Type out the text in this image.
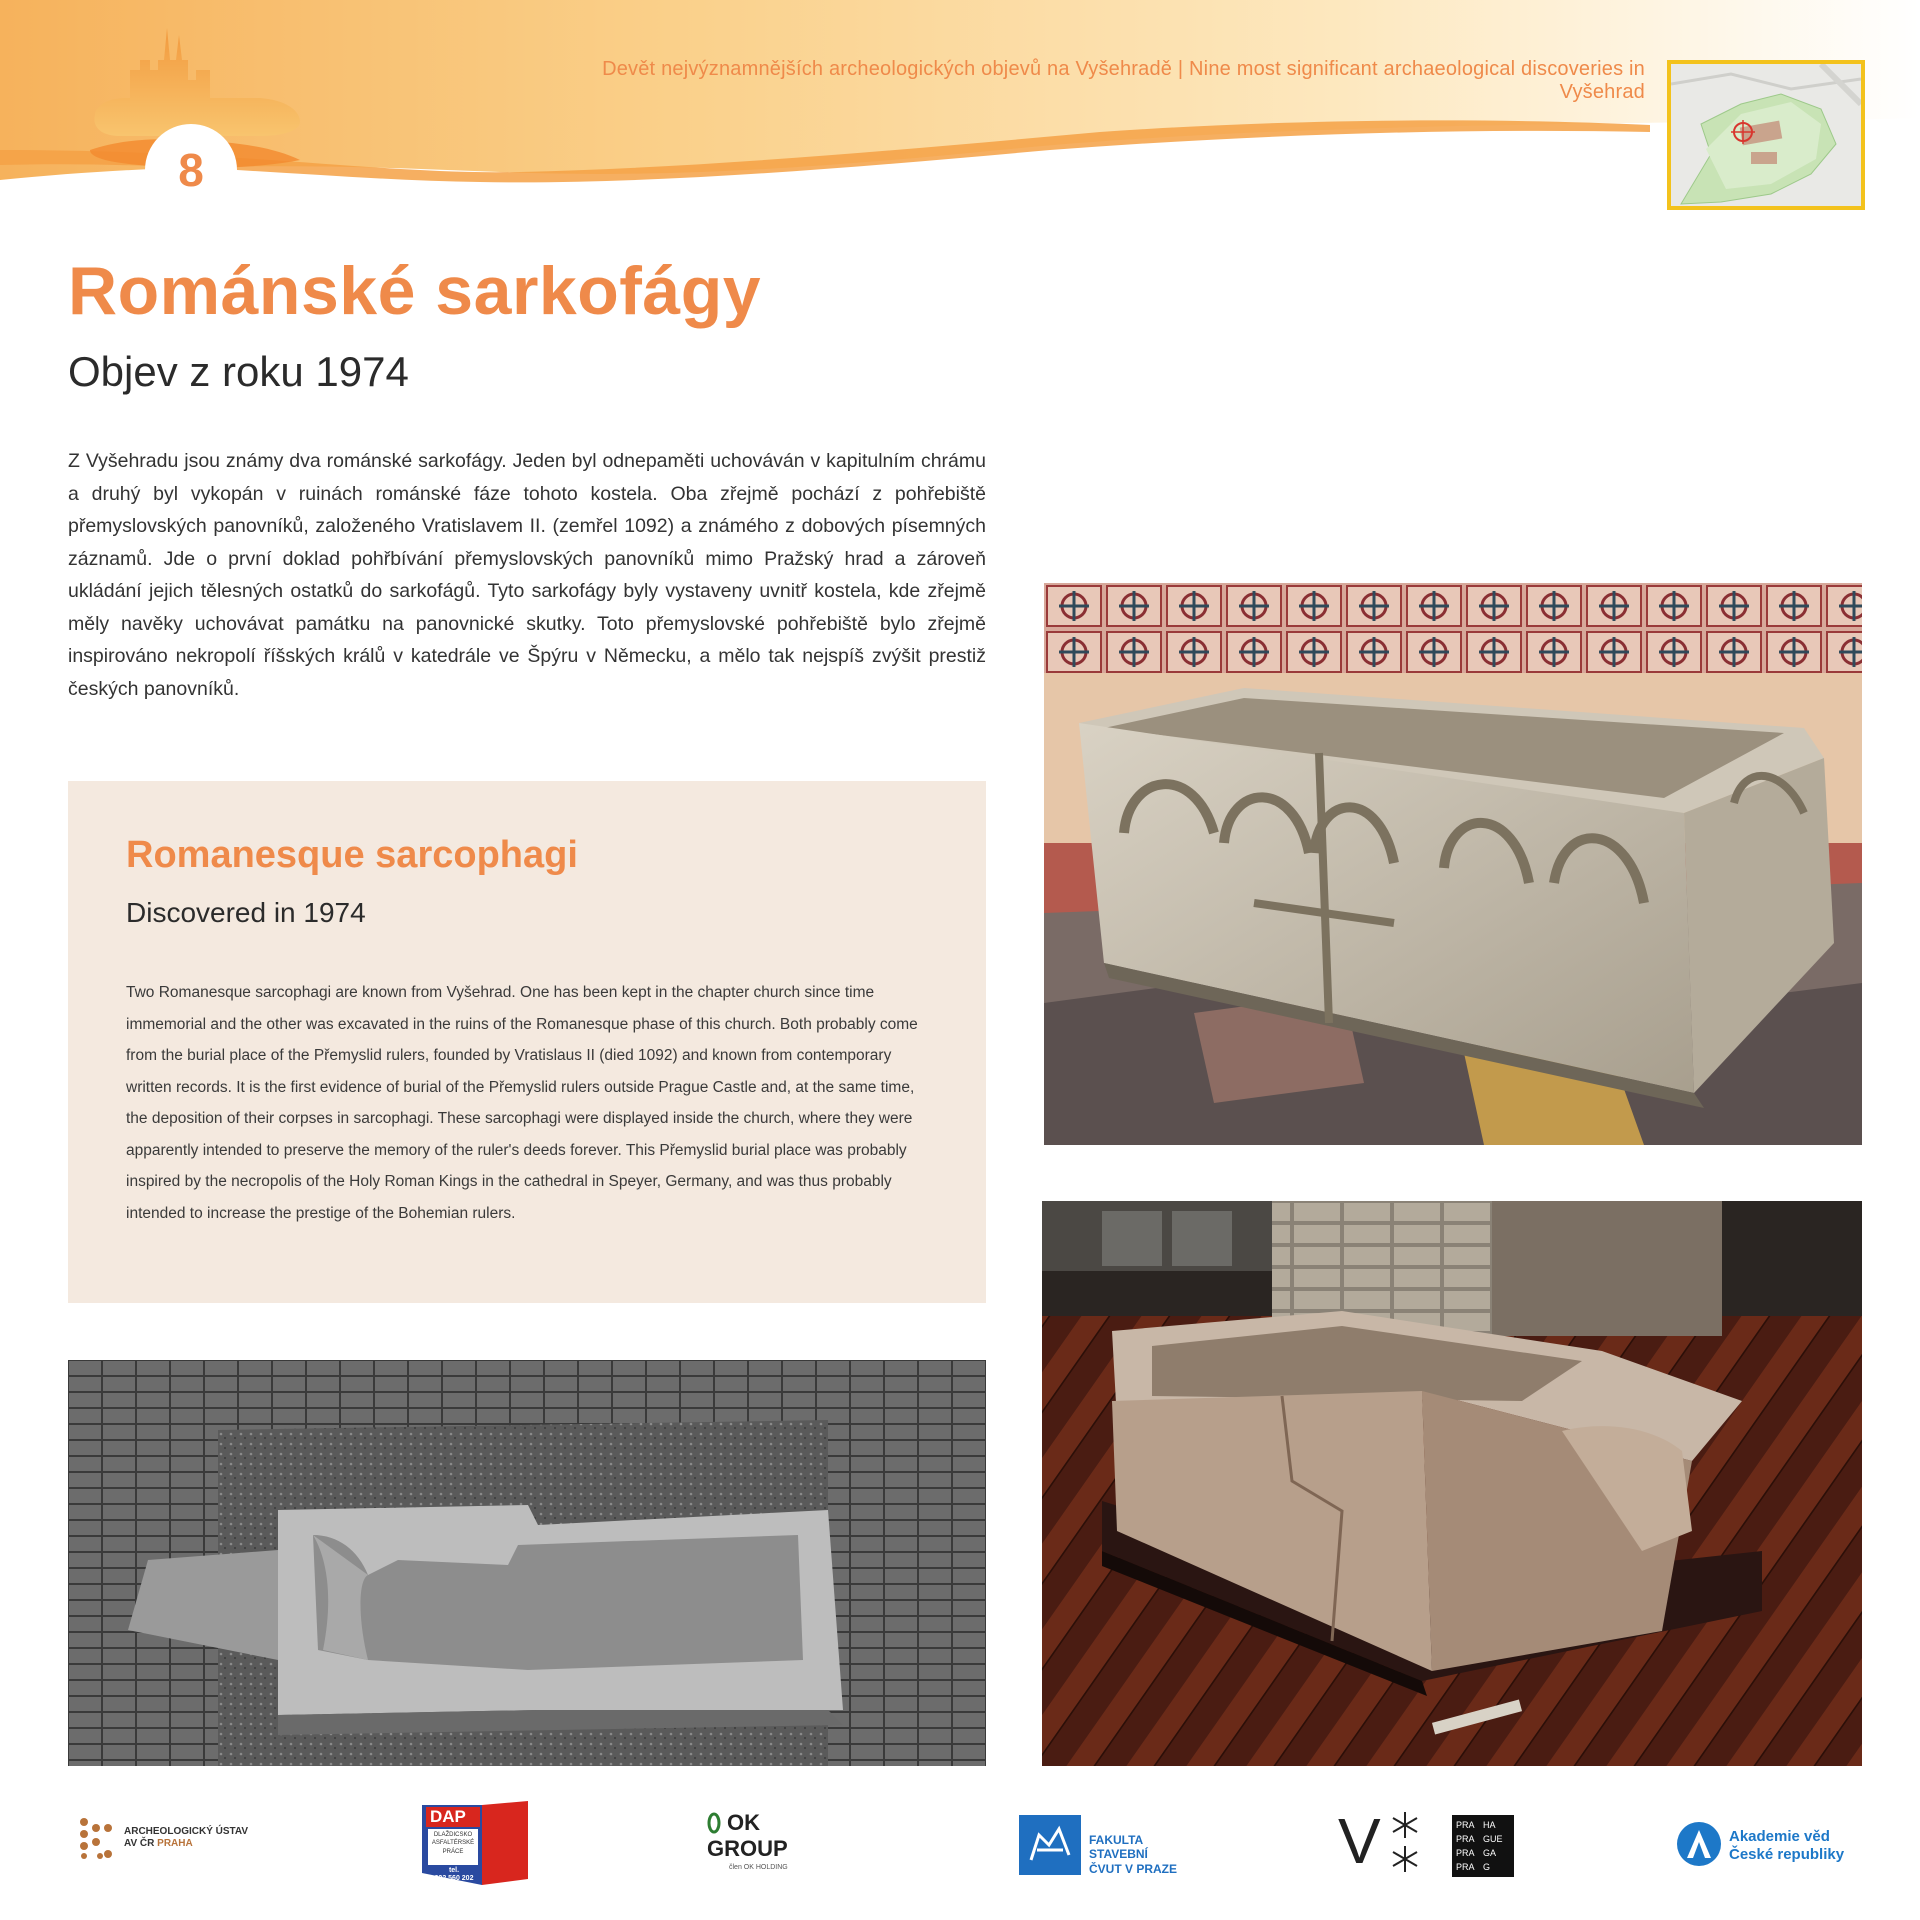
Devět nejvýznamnějších archeologických objevů na Vyšehradě | Nine most significant archaeological discoveries in Vyšehrad
8
Románské sarkofágy
Objev z roku 1974
Z Vyšehradu jsou známy dva románské sarkofágy. Jeden byl odnepaměti uchováván v kapitulním chrámu a druhý byl vykopán v ruinách románské fáze tohoto kostela. Oba zřejmě pochází z pohřebiště přemyslovských panovníků, založeného Vratislavem II. (zemřel 1092) a známého z dobových písemných záznamů. Jde o první doklad pohřbívání přemyslovských panovníků mimo Pražský hrad a zároveň ukládání jejich tělesných ostatků do sarkofágů. Tyto sarkofágy byly vystaveny uvnitř kostela, kde zřejmě měly navěky uchovávat památku na panovnické skutky. Toto přemyslovské pohřebiště bylo zřejmě inspirováno nekropolí říšských králů v katedrále ve Špýru v Německu, a mělo tak nejspíš zvýšit prestiž českých panovníků.
Romanesque sarcophagi
Discovered in 1974
Two Romanesque sarcophagi are known from Vyšehrad. One has been kept in the chapter church since time immemorial and the other was excavated in the ruins of the Romanesque phase of this church. Both probably come from the burial place of the Přemyslid rulers, founded by Vratislaus II (died 1092) and known from contemporary written records. It is the first evidence of burial of the Přemyslid rulers outside Prague Castle and, at the same time, the deposition of their corpses in sarcophagi. These sarcophagi were displayed inside the church, where they were apparently intended to preserve the memory of the ruler's deeds forever. This Přemyslid burial place was probably inspired by the necropolis of the Holy Roman Kings in the cathedral in Speyer, Germany, and was thus probably intended to increase the prestige of the Bohemian rulers.
ARCHEOLOGICKÝ ÚSTAV
AV ČR PRAHA
DAP
DLAŽDICSKO
ASFALTÉRSKÉ
PRÁCE
tel.
222 560 202
OK
GROUP
člen OK HOLDING
FAKULTA
STAVEBNÍ
ČVUT V PRAZE	V	PRA HA
PRA GUE
PRA GA
PRA G
Akademie věd
České republiky
